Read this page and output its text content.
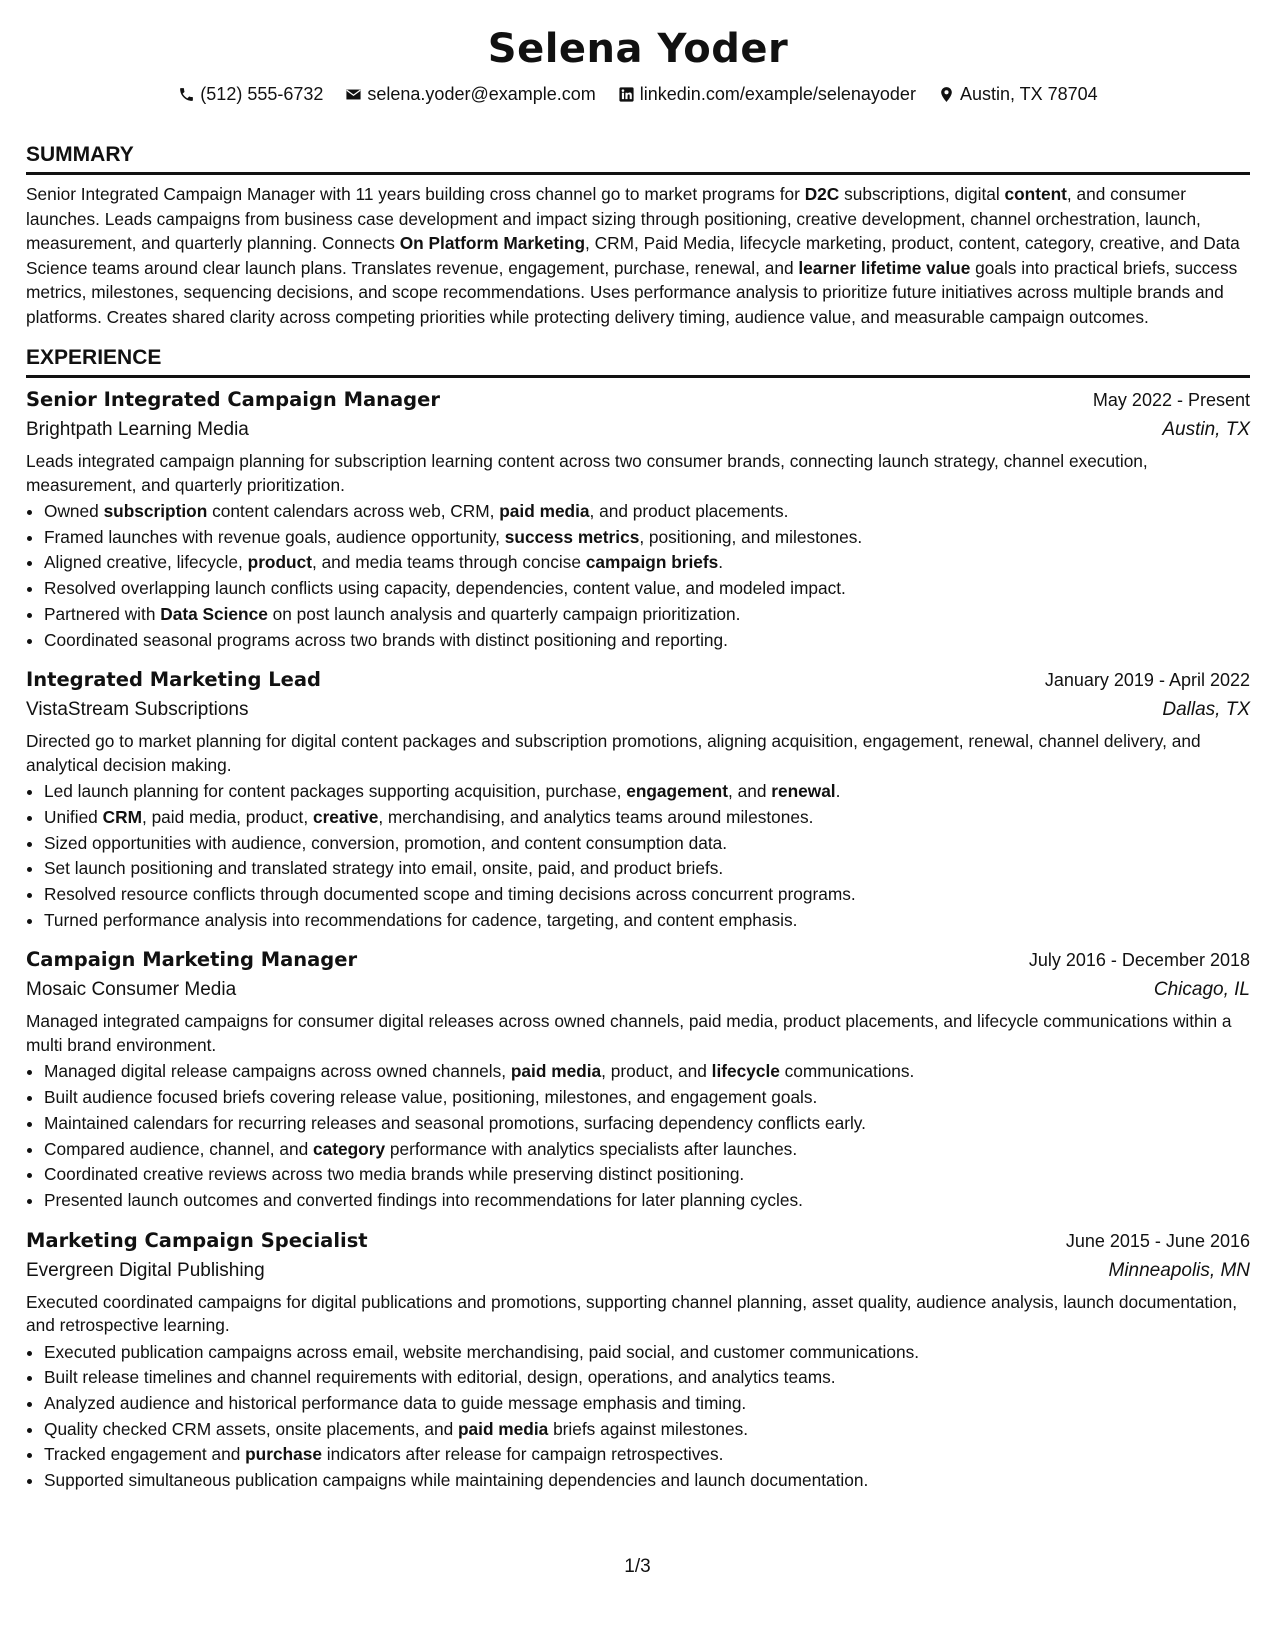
Selena Yoder
(512) 555-6732 selena.yoder@example.com linkedin.com/example/selenayoder Austin, TX 78704
SUMMARY

Senior Integrated Campaign Manager with 11 years building cross channel go to market programs for D2C subscriptions, digital content, and consumer launches. Leads campaigns from business case development and impact sizing through positioning, creative development, channel orchestration, launch, measurement, and quarterly planning. Connects On Platform Marketing, CRM, Paid Media, lifecycle marketing, product, content, category, creative, and Data Science teams around clear launch plans. Translates revenue, engagement, purchase, renewal, and learner lifetime value goals into practical briefs, success metrics, milestones, sequencing decisions, and scope recommendations. Uses performance analysis to prioritize future initiatives across multiple brands and platforms. Creates shared clarity across competing priorities while protecting delivery timing, audience value, and measurable campaign outcomes.

EXPERIENCE
Senior Integrated Campaign Manager	May 2022 - Present
Brightpath Learning Media	Austin, TX
Leads integrated campaign planning for subscription learning content across two consumer brands, connecting launch strategy, channel execution, measurement, and quarterly prioritization.
• Owned subscription content calendars across web, CRM, paid media, and product placements.
• Framed launches with revenue goals, audience opportunity, success metrics, positioning, and milestones.
• Aligned creative, lifecycle, product, and media teams through concise campaign briefs.
• Resolved overlapping launch conflicts using capacity, dependencies, content value, and modeled impact.
• Partnered with Data Science on post launch analysis and quarterly campaign prioritization.
• Coordinated seasonal programs across two brands with distinct positioning and reporting.
Integrated Marketing Lead	January 2019 - April 2022
VistaStream Subscriptions	Dallas, TX
Directed go to market planning for digital content packages and subscription promotions, aligning acquisition, engagement, renewal, channel delivery, and analytical decision making.
• Led launch planning for content packages supporting acquisition, purchase, engagement, and renewal.
• Unified CRM, paid media, product, creative, merchandising, and analytics teams around milestones.
• Sized opportunities with audience, conversion, promotion, and content consumption data.
• Set launch positioning and translated strategy into email, onsite, paid, and product briefs.
• Resolved resource conflicts through documented scope and timing decisions across concurrent programs.
• Turned performance analysis into recommendations for cadence, targeting, and content emphasis.
Campaign Marketing Manager	July 2016 - December 2018
Mosaic Consumer Media	Chicago, IL
Managed integrated campaigns for consumer digital releases across owned channels, paid media, product placements, and lifecycle communications within a multi brand environment.
• Managed digital release campaigns across owned channels, paid media, product, and lifecycle communications.
• Built audience focused briefs covering release value, positioning, milestones, and engagement goals.
• Maintained calendars for recurring releases and seasonal promotions, surfacing dependency conflicts early.
• Compared audience, channel, and category performance with analytics specialists after launches.
• Coordinated creative reviews across two media brands while preserving distinct positioning.
• Presented launch outcomes and converted findings into recommendations for later planning cycles.
Marketing Campaign Specialist	June 2015 - June 2016
Evergreen Digital Publishing	Minneapolis, MN
Executed coordinated campaigns for digital publications and promotions, supporting channel planning, asset quality, audience analysis, launch documentation, and retrospective learning.
• Executed publication campaigns across email, website merchandising, paid social, and customer communications.
• Built release timelines and channel requirements with editorial, design, operations, and analytics teams.
• Analyzed audience and historical performance data to guide message emphasis and timing.
• Quality checked CRM assets, onsite placements, and paid media briefs against milestones.
• Tracked engagement and purchase indicators after release for campaign retrospectives.
• Supported simultaneous publication campaigns while maintaining dependencies and launch documentation.
1/3
